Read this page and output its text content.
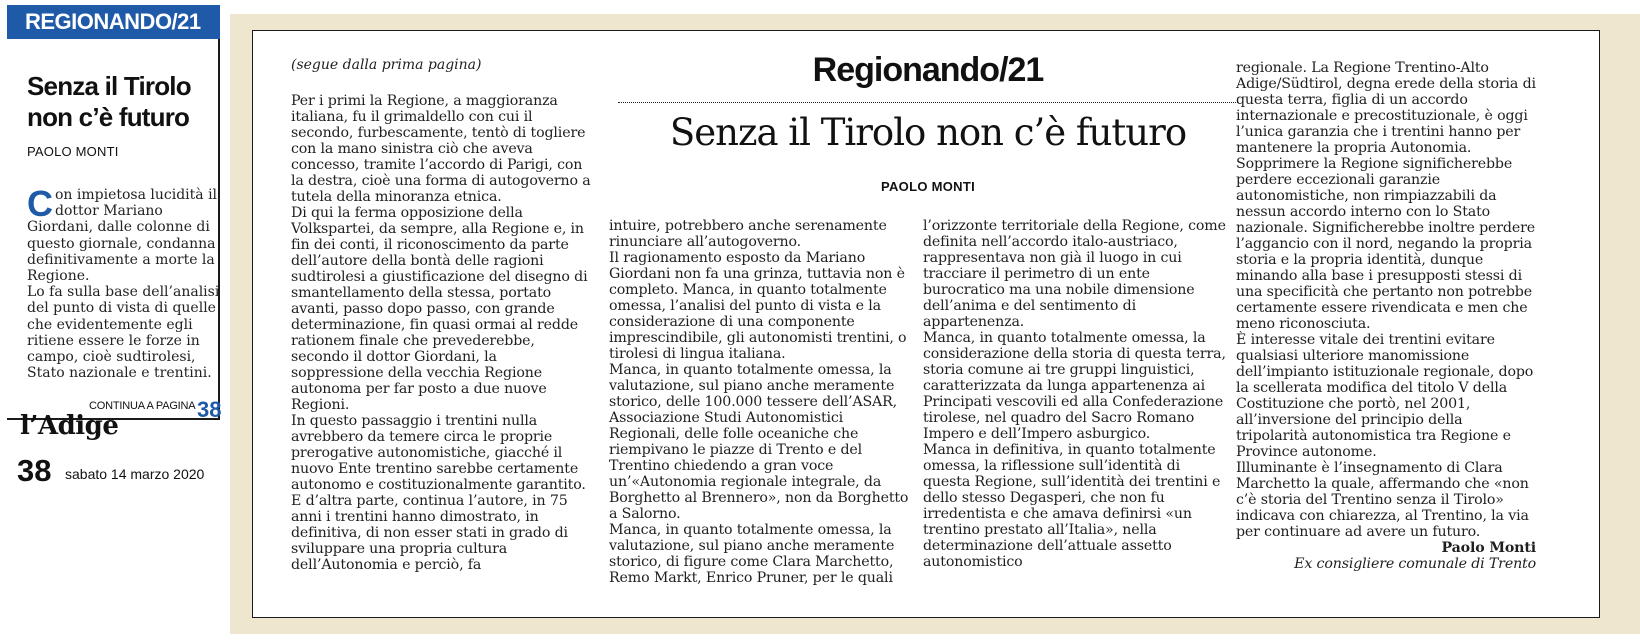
REGIONANDO/21
Senza il Tirolo
non c’è futuro
PAOLO MONTI

Con impietosa lucidità il dottor Mariano Giordani, dalle colonne di questo giornale, condanna definitivamente a morte la Regione.

Lo fa sulla base dell’analisi del punto di vista di quelle che evidentemente egli ritiene essere le forze in campo, cioè sudtirolesi, Stato nazionale e trentini.

CONTINUA A PAGINA 38
l’Adige
38 sabato 14 marzo 2020
(segue dalla prima pagina)	Regionando/21
Senza il Tirolo non c’è futuro
PAOLO MONTI

Per i primi la Regione, a maggioranza italiana, fu il grimaldello con cui il secondo, furbescamente, tentò di togliere con la mano sinistra ciò che aveva concesso, tramite l’accordo di Parigi, con la destra, cioè una forma di autogoverno a tutela della minoranza etnica.

Di qui la ferma opposizione della Volkspartei, da sempre, alla Regione e, in fin dei conti, il riconoscimento da parte dell’autore della bontà delle ragioni sudtirolesi a giustificazione del disegno di smantellamento della stessa, portato avanti, passo dopo passo, con grande determinazione, fin quasi ormai al redde rationem finale che prevederebbe, secondo il dottor Giordani, la soppressione della vecchia Regione autonoma per far posto a due nuove Regioni.

In questo passaggio i trentini nulla avrebbero da temere circa le proprie prerogative autonomistiche, giacché il nuovo Ente trentino sarebbe certamente autonomo e costituzionalmente garantito. E d’altra parte, continua l’autore, in 75 anni i trentini hanno dimostrato, in definitiva, di non esser stati in grado di sviluppare una propria cultura dell’Autonomia e perciò, fa

intuire, potrebbero anche serenamente rinunciare all’autogoverno.

Il ragionamento esposto da Mariano Giordani non fa una grinza, tuttavia non è completo. Manca, in quanto totalmente omessa, l’analisi del punto di vista e la considerazione di una componente imprescindibile, gli autonomisti trentini, o tirolesi di lingua italiana.

Manca, in quanto totalmente omessa, la valutazione, sul piano anche meramente storico, delle 100.000 tessere dell’ASAR, Associazione Studi Autonomistici Regionali, delle folle oceaniche che riempivano le piazze di Trento e del Trentino chiedendo a gran voce un’«Autonomia regionale integrale, da Borghetto al Brennero», non da Borghetto a Salorno.

Manca, in quanto totalmente omessa, la valutazione, sul piano anche meramente storico, di figure come Clara Marchetto, Remo Markt, Enrico Pruner, per le quali

l’orizzonte territoriale della Regione, come definita nell’accordo italo-austriaco, rappresentava non già il luogo in cui tracciare il perimetro di un ente burocratico ma una nobile dimensione dell’anima e del sentimento di appartenenza.

Manca, in quanto totalmente omessa, la considerazione della storia di questa terra, storia comune ai tre gruppi linguistici, caratterizzata da lunga appartenenza ai Principati vescovili ed alla Confederazione tirolese, nel quadro del Sacro Romano Impero e dell’Impero asburgico.

Manca in definitiva, in quanto totalmente omessa, la riflessione sull’identità di questa Regione, sull’identità dei trentini e dello stesso Degasperi, che non fu irredentista e che amava definirsi «un trentino prestato all’Italia», nella determinazione dell’attuale assetto autonomistico

regionale. La Regione Trentino-Alto Adige/Südtirol, degna erede della storia di questa terra, figlia di un accordo internazionale e precostituzionale, è oggi l’unica garanzia che i trentini hanno per mantenere la propria Autonomia.

Sopprimere la Regione significherebbe perdere eccezionali garanzie autonomistiche, non rimpiazzabili da nessun accordo interno con lo Stato nazionale. Significherebbe inoltre perdere l’aggancio con il nord, negando la propria storia e la propria identità, dunque minando alla base i presupposti stessi di una specificità che pertanto non potrebbe certamente essere rivendicata e men che meno riconosciuta.

È interesse vitale dei trentini evitare qualsiasi ulteriore manomissione dell’impianto istituzionale regionale, dopo la scellerata modifica del titolo V della Costituzione che portò, nel 2001, all’inversione del principio della tripolarità autonomistica tra Regione e Province autonome.

Illuminante è l’insegnamento di Clara Marchetto la quale, affermando che «non c’è storia del Trentino senza il Tirolo» indicava con chiarezza, al Trentino, la via per continuare ad avere un futuro.

Paolo Monti

Ex consigliere comunale di Trento
